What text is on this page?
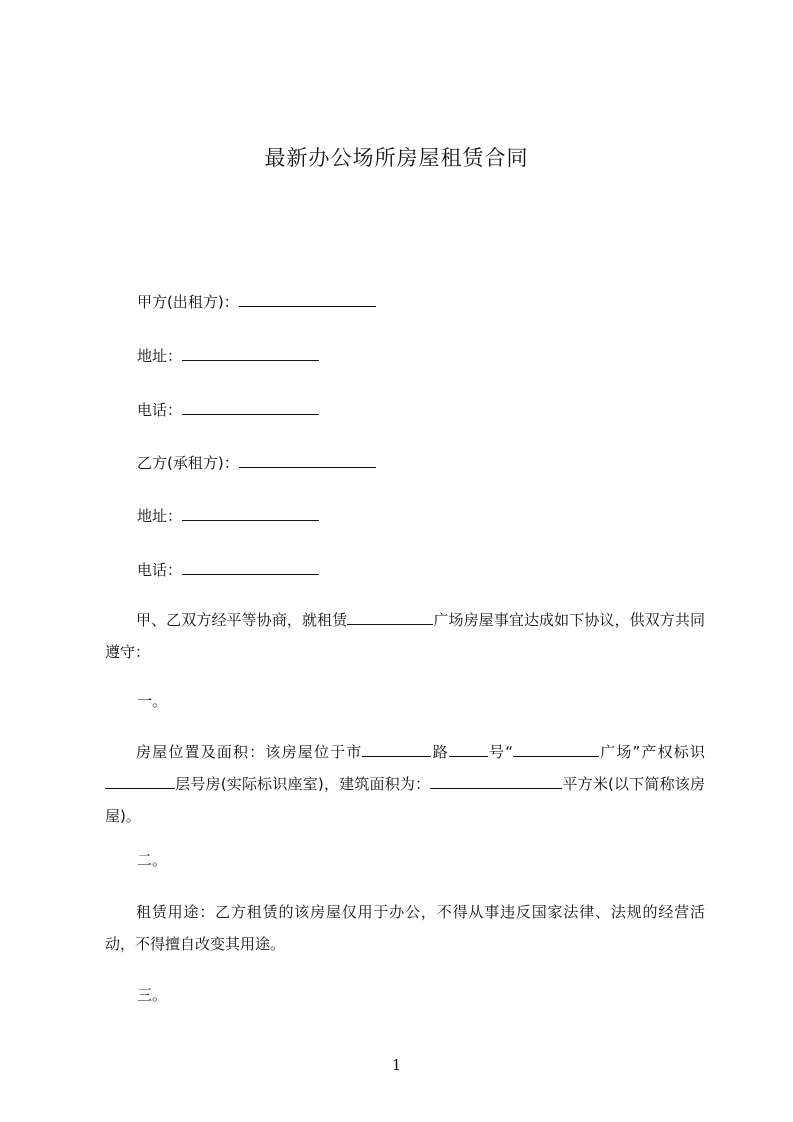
最新办公场所房屋租赁合同
甲方(出租方)：
地址：
电话：
乙方(承租方)：
地址：
电话：
甲、乙双方经平等协商，就租赁	广场房屋事宜达成如下协议，供双方共同遵守：
一。
房屋位置及面积：该房屋位于市	路	号“	广场”产权标识层号房(实际标识座室)，建筑面积为：	平方米(以下简称该房屋)。
二。
租赁用途：乙方租赁的该房屋仅用于办公，不得从事违反国家法律、法规的经营活动，不得擅自改变其用途。
三。
1
